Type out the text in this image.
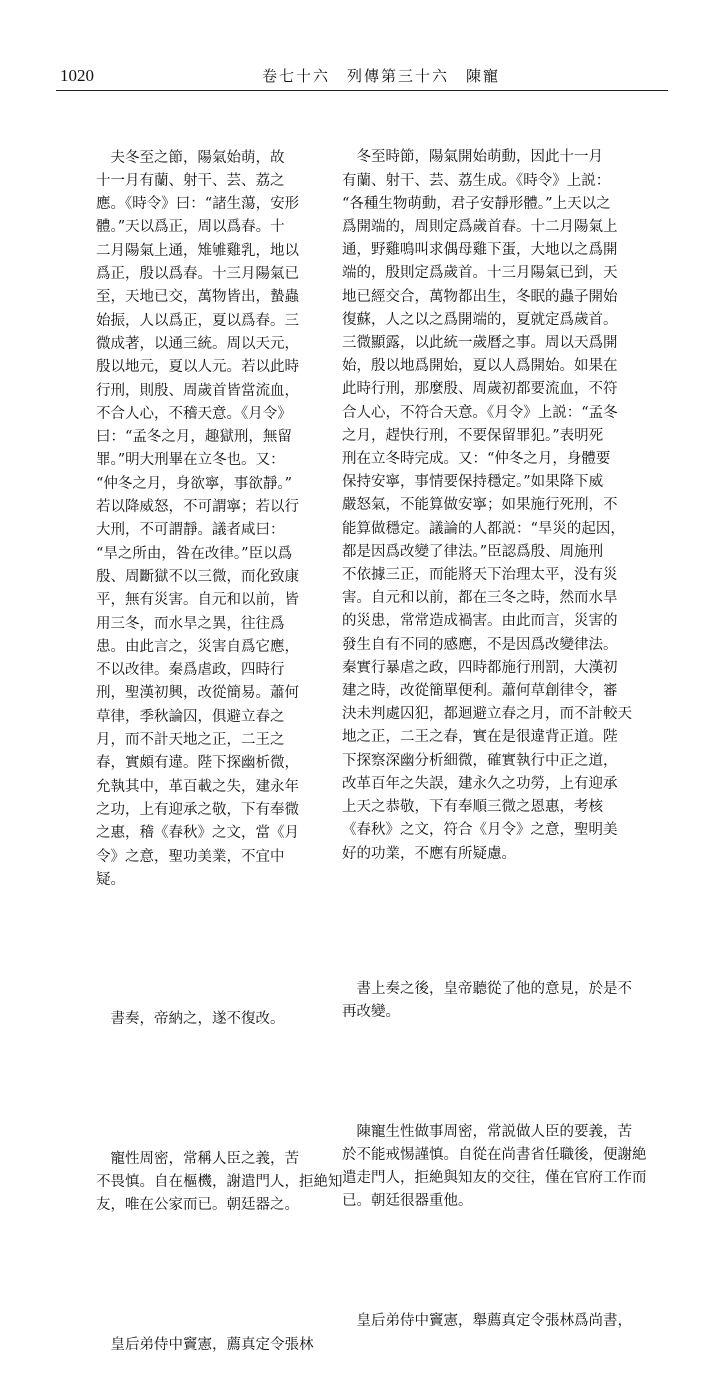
1020	卷七十六　列傳第三十六　陳寵

　夫冬至之節，陽氣始萌，故
十一月有蘭、射干、芸、荔之
應。《時令》曰：“諸生蕩，安形
體。”天以爲正，周以爲春。十
二月陽氣上通，雉雊雞乳，地以
爲正，殷以爲春。十三月陽氣已
至，天地已交，萬物皆出，蟄蟲
始振，人以爲正，夏以爲春。三
微成著，以通三統。周以天元，
殷以地元，夏以人元。若以此時
行刑，則殷、周歲首皆當流血，
不合人心，不稽天意。《月令》
曰：“孟冬之月，趣獄刑，無留
罪。”明大刑畢在立冬也。又：
“仲冬之月，身欲寧，事欲靜。”
若以降威怒，不可謂寧；若以行
大刑，不可謂靜。議者咸曰：
“旱之所由，咎在改律。”臣以爲
殷、周斷獄不以三微，而化致康
平，無有災害。自元和以前，皆
用三冬，而水旱之異，往往爲
患。由此言之，災害自爲它應，
不以改律。秦爲虐政，四時行
刑，聖漢初興，改從簡易。蕭何
草律，季秋論囚，俱避立春之
月，而不計天地之正，二王之
春，實頗有違。陛下探幽析微，
允執其中，革百載之失，建永年
之功，上有迎承之敬，下有奉微
之惠，稽《春秋》之文，當《月
令》之意，聖功美業，不宜中
疑。

　書奏，帝納之，遂不復改。

　寵性周密，常稱人臣之義，苦
不畏慎。自在樞機，謝遣門人，拒絶知
友，唯在公家而已。朝廷器之。

　皇后弟侍中竇憲，薦真定令張林

　冬至時節，陽氣開始萌動，因此十一月
有蘭、射干、芸、荔生成。《時令》上説：
“各種生物萌動，君子安靜形體。”上天以之
爲開端的，周則定爲歲首春。十二月陽氣上
通，野雞鳴叫求偶母雞下蛋，大地以之爲開
端的，殷則定爲歲首。十三月陽氣已到，天
地已經交合，萬物都出生，冬眠的蟲子開始
復蘇，人之以之爲開端的，夏就定爲歲首。
三微顯露，以此統一歲曆之事。周以天爲開
始，殷以地爲開始，夏以人爲開始。如果在
此時行刑，那麼殷、周歲初都要流血，不符
合人心，不符合天意。《月令》上説：“孟冬
之月，趕快行刑，不要保留罪犯。”表明死
刑在立冬時完成。又：“仲冬之月，身體要
保持安寧，事情要保持穩定。”如果降下威
嚴怒氣，不能算做安寧；如果施行死刑，不
能算做穩定。議論的人都説：“旱災的起因，
都是因爲改變了律法。”臣認爲殷、周施刑
不依據三正，而能將天下治理太平，没有災
害。自元和以前，都在三冬之時，然而水旱
的災患，常常造成禍害。由此而言，災害的
發生自有不同的感應，不是因爲改變律法。
秦實行暴虐之政，四時都施行刑罰，大漢初
建之時，改從簡單便利。蕭何草創律令，審
決未判處囚犯，都迴避立春之月，而不計較天
地之正，二王之春，實在是很違背正道。陛
下探察深幽分析細微，確實執行中正之道，
改革百年之失誤，建永久之功勞，上有迎承
上天之恭敬，下有奉順三微之恩惠，考核
《春秋》之文，符合《月令》之意，聖明美
好的功業，不應有所疑慮。

　書上奏之後，皇帝聽從了他的意見，於是不
再改變。

　陳寵生性做事周密，常説做人臣的要義，苦
於不能戒惕謹慎。自從在尚書省任職後，便謝絶
遣走門人，拒絶與知友的交往，僅在官府工作而
已。朝廷很器重他。

　皇后弟侍中竇憲，舉薦真定令張林爲尚書，
